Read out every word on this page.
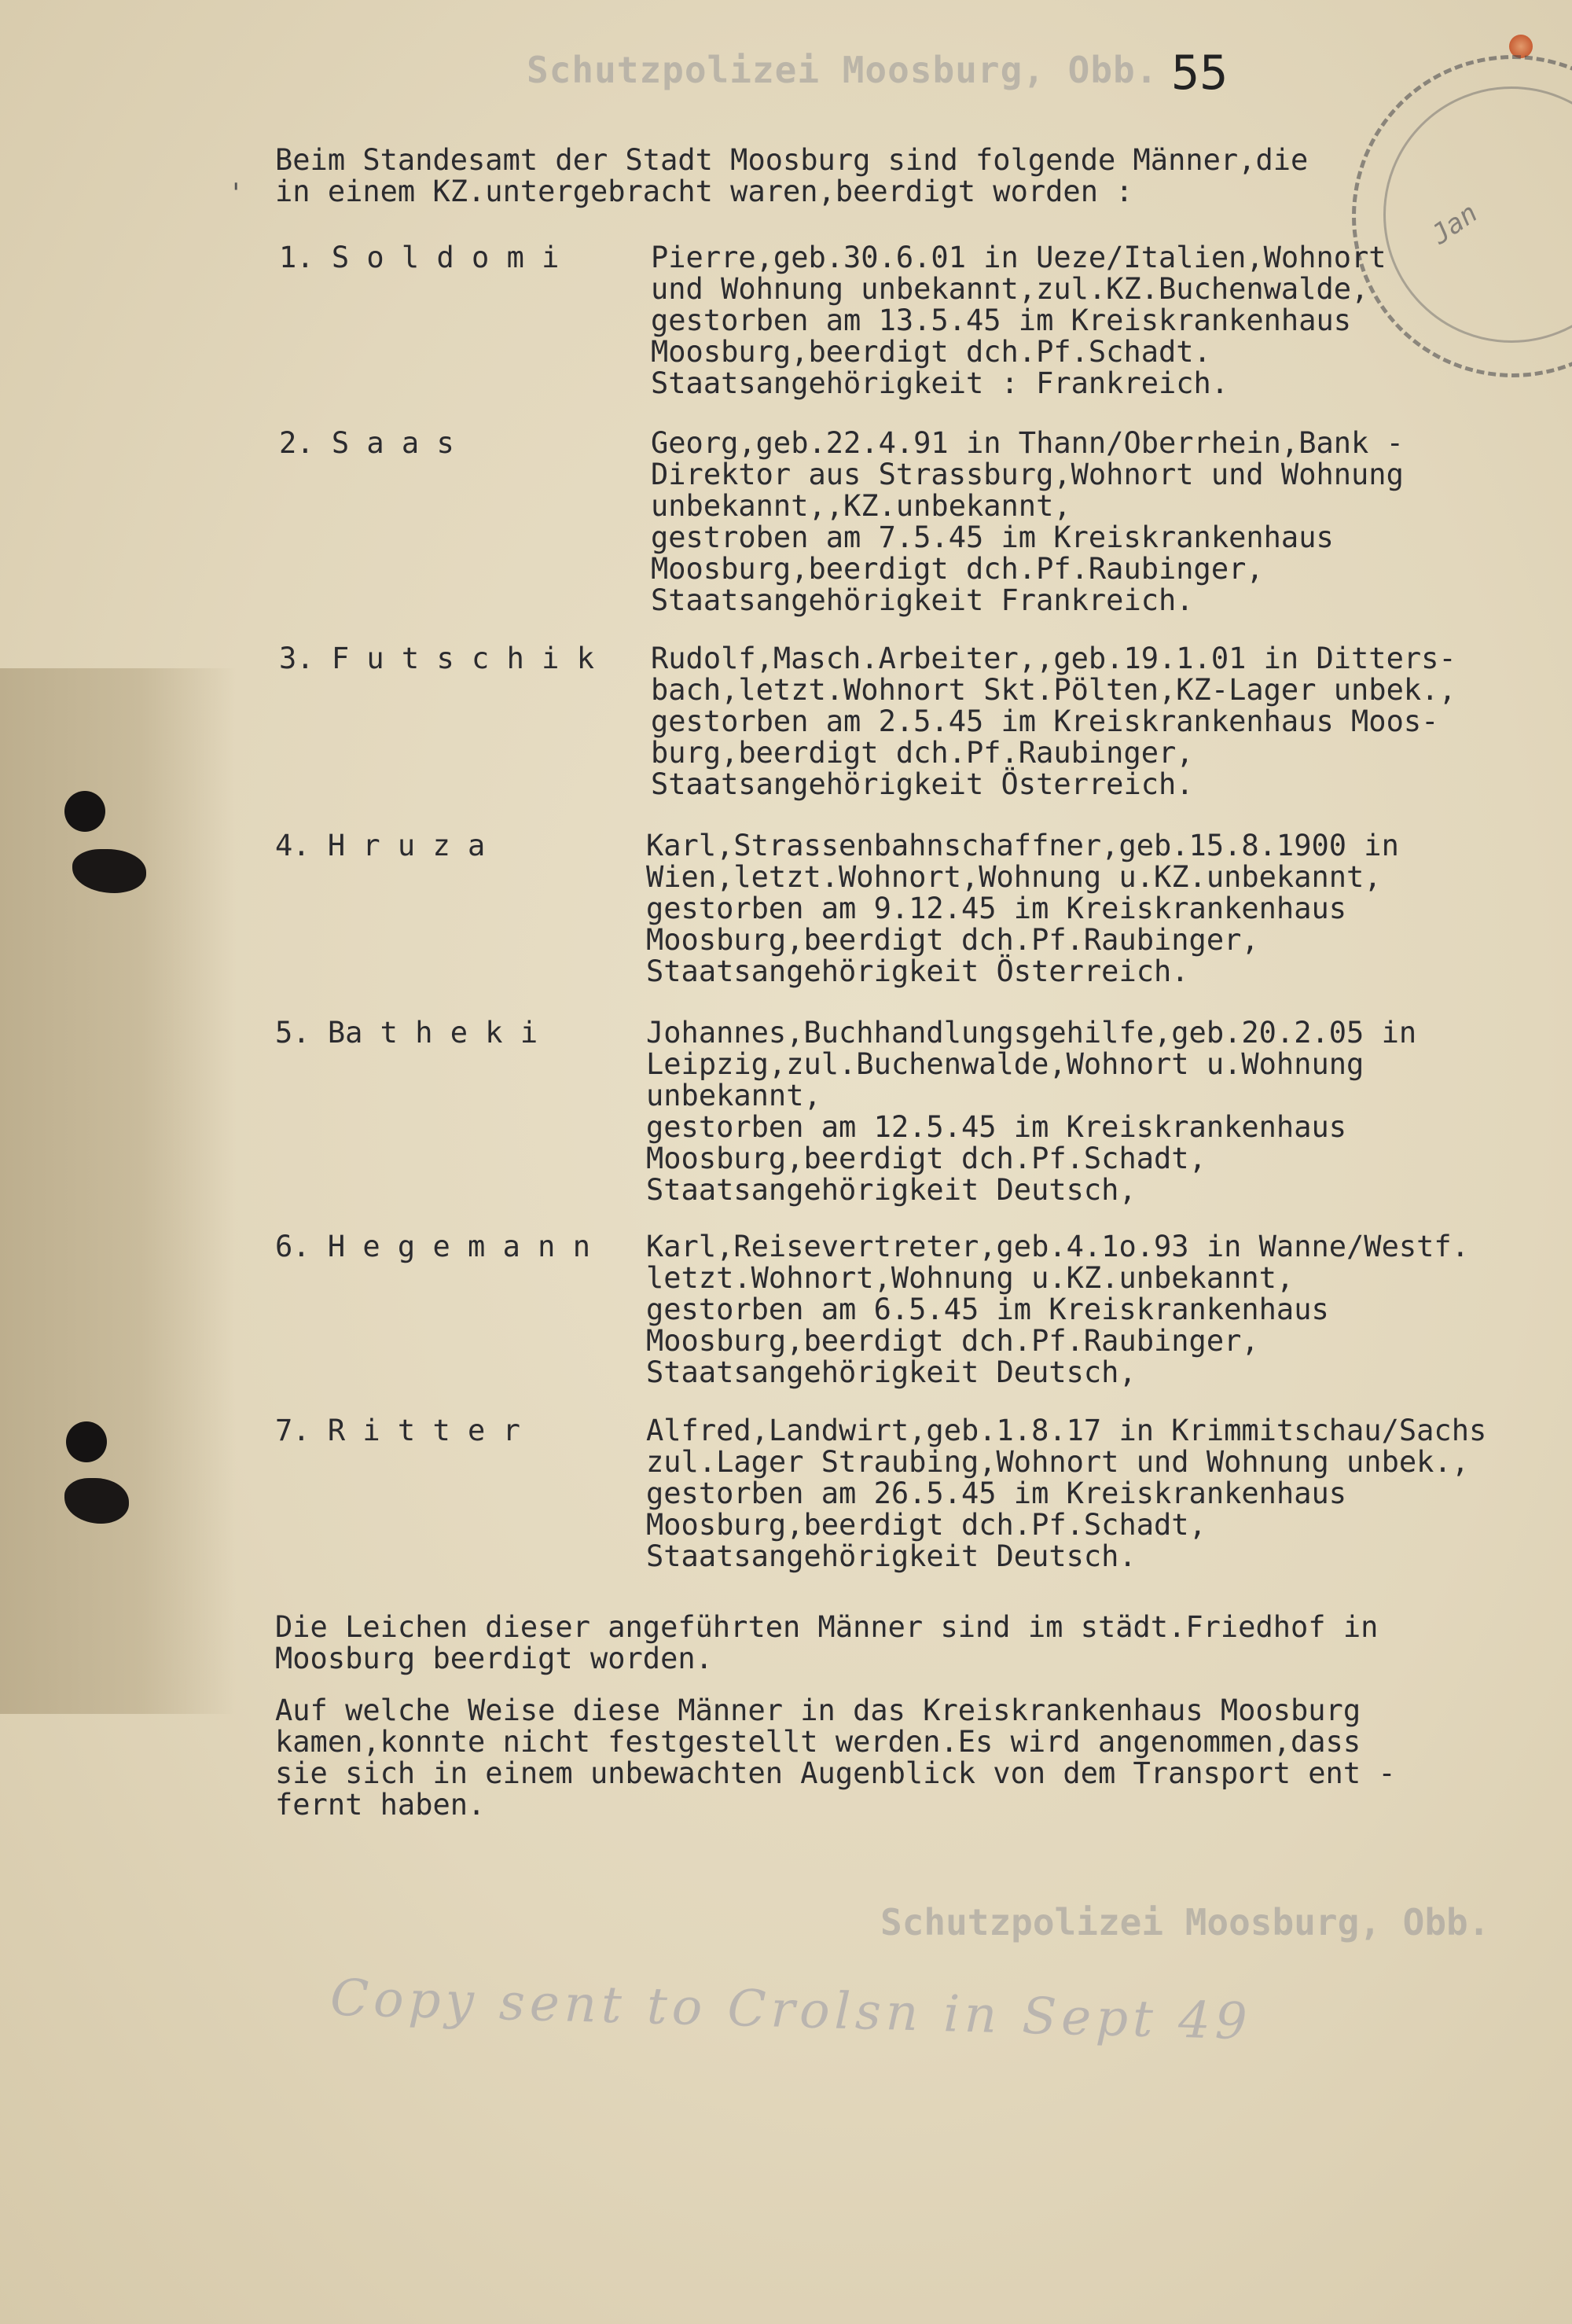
Schutzpolizei Moosburg, Obb. 55
Jan
Beim Standesamt der Stadt Moosburg sind folgende Männer,die
in einem KZ.untergebracht waren,beerdigt worden :
'
1. S o l d o m i	Pierre,geb.30.6.01 in Ueze/Italien,Wohnort
und Wohnung unbekannt,zul.KZ.Buchenwalde,
gestorben am 13.5.45 im Kreiskrankenhaus
Moosburg,beerdigt dch.Pf.Schadt.
Staatsangehörigkeit : Frankreich.
2. S a a s	Georg,geb.22.4.91 in Thann/Oberrhein,Bank -
Direktor aus Strassburg,Wohnort und Wohnung
unbekannt,,KZ.unbekannt,
gestroben am 7.5.45 im Kreiskrankenhaus
Moosburg,beerdigt dch.Pf.Raubinger,
Staatsangehörigkeit Frankreich.
3. F u t s c h i k Rudolf,Masch.Arbeiter,,geb.19.1.01 in Ditters-
bach,letzt.Wohnort Skt.Pölten,KZ-Lager unbek.,
gestorben am 2.5.45 im Kreiskrankenhaus Moos-
burg,beerdigt dch.Pf.Raubinger,
Staatsangehörigkeit Österreich.
4. H r u z a	Karl,Strassenbahnschaffner,geb.15.8.1900 in
Wien,letzt.Wohnort,Wohnung u.KZ.unbekannt,
gestorben am 9.12.45 im Kreiskrankenhaus
Moosburg,beerdigt dch.Pf.Raubinger,
Staatsangehörigkeit Österreich.
5. Ba t h e k i	Johannes,Buchhandlungsgehilfe,geb.20.2.05 in
Leipzig,zul.Buchenwalde,Wohnort u.Wohnung
unbekannt,
gestorben am 12.5.45 im Kreiskrankenhaus
Moosburg,beerdigt dch.Pf.Schadt,
Staatsangehörigkeit Deutsch,
6. H e g e m a n n Karl,Reisevertreter,geb.4.1o.93 in Wanne/Westf.
letzt.Wohnort,Wohnung u.KZ.unbekannt,
gestorben am 6.5.45 im Kreiskrankenhaus
Moosburg,beerdigt dch.Pf.Raubinger,
Staatsangehörigkeit Deutsch,
7. R i t t e r	Alfred,Landwirt,geb.1.8.17 in Krimmitschau/Sachs
zul.Lager Straubing,Wohnort und Wohnung unbek.,
gestorben am 26.5.45 im Kreiskrankenhaus
Moosburg,beerdigt dch.Pf.Schadt,
Staatsangehörigkeit Deutsch.
Die Leichen dieser angeführten Männer sind im städt.Friedhof in
Moosburg beerdigt worden.
Auf welche Weise diese Männer in das Kreiskrankenhaus Moosburg
kamen,konnte nicht festgestellt werden.Es wird angenommen,dass
sie sich in einem unbewachten Augenblick von dem Transport ent -
fernt haben.
Schutzpolizei Moosburg, Obb.
Copy sent to Crolsn in Sept 49
